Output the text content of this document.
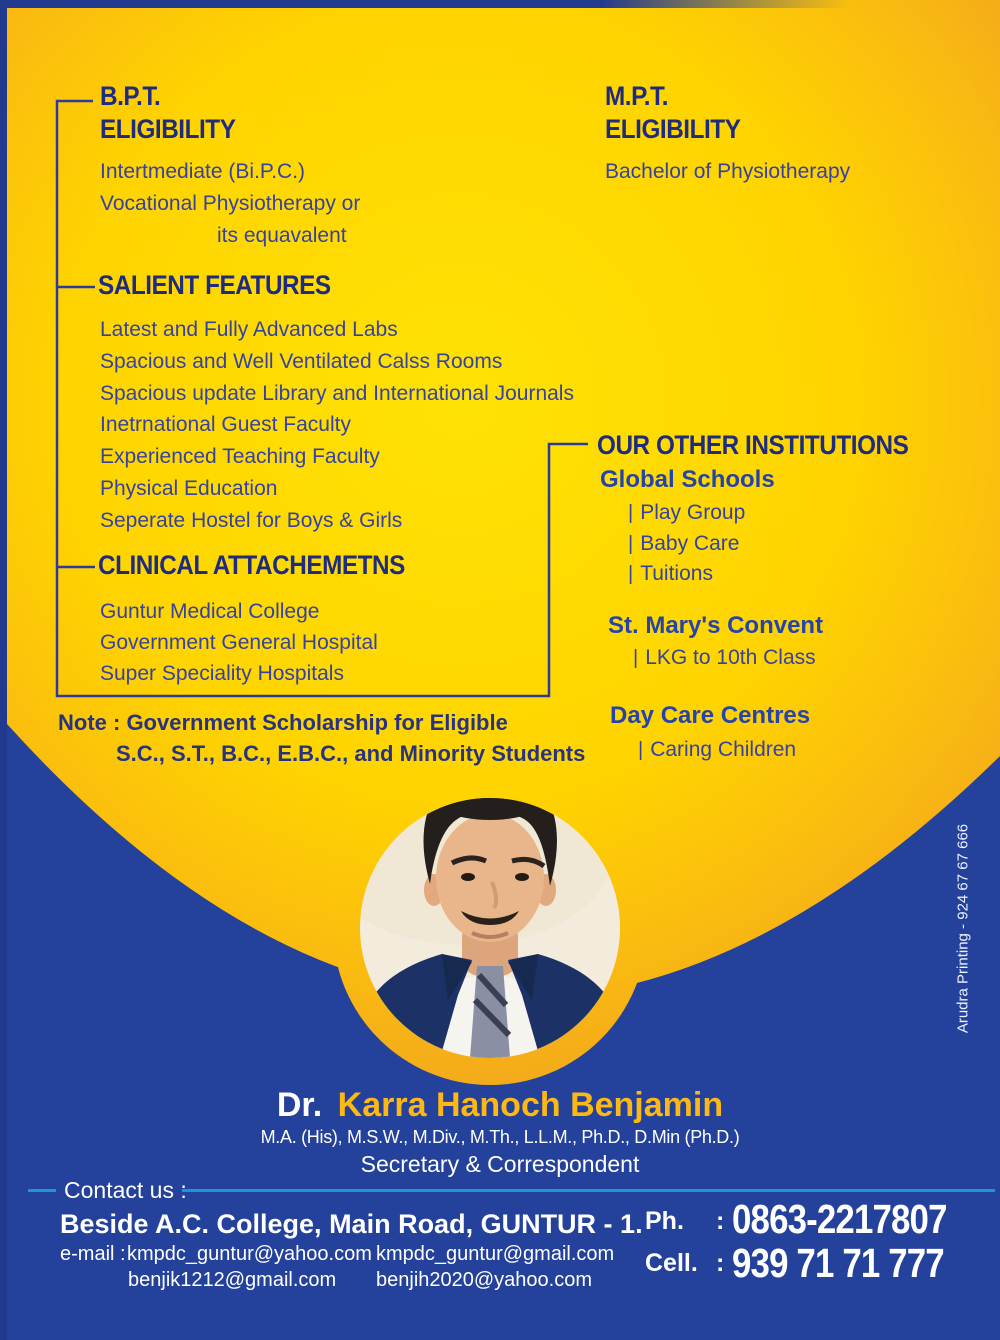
B.P.T.
ELIGIBILITY
Intertmediate (Bi.P.C.)
Vocational Physiotherapy or
its equavalent
M.P.T.
ELIGIBILITY
Bachelor of Physiotherapy
SALIENT FEATURES
Latest and Fully Advanced Labs
Spacious and Well Ventilated Calss Rooms
Spacious update Library and International Journals
Inetrnational Guest Faculty
Experienced Teaching Faculty
Physical Education
Seperate Hostel for Boys & Girls
CLINICAL ATTACHEMETNS
Guntur Medical College
Government General Hospital
Super Speciality Hospitals
Note : Government Scholarship for Eligible
S.C., S.T., B.C., E.B.C., and Minority Students
OUR OTHER INSTITUTIONS
Global Schools
| Play Group
| Baby Care
| Tuitions
St. Mary's Convent
| LKG to 10th Class
Day Care Centres
| Caring Children
Dr. Karra Hanoch Benjamin
M.A. (His), M.S.W., M.Div., M.Th., L.L.M., Ph.D., D.Min (Ph.D.)
Secretary & Correspondent
Contact us :
Beside A.C. College, Main Road, GUNTUR - 1.
e-mail : kmpdc_guntur@yahoo.com kmpdc_guntur@gmail.com
benjik1212@gmail.com benjih2020@yahoo.com
Ph. : 0863-2217807
Cell. : 939 71 71 777
Arudra Printing - 924 67 67 666
